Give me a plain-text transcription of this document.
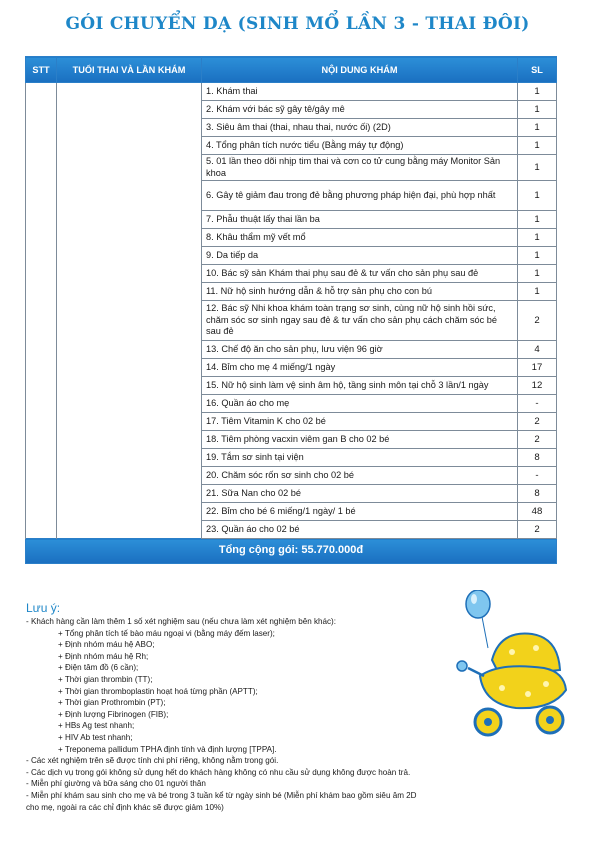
GÓI CHUYỂN DẠ (SINH MỔ LẦN 3 - THAI ĐÔI)
STT	TUỔI THAI VÀ LẦN KHÁM	NỘI DUNG KHÁM	SL
		1. Khám thai	1
		2. Khám với bác sỹ gây tê/gây mê	1
		3. Siêu âm thai (thai, nhau thai, nước ối) (2D)	1
		4. Tổng phân tích nước tiểu (Bằng máy tự động)	1
		5. 01 lần theo dõi nhịp tim thai và cơn co tử cung bằng máy Monitor Sản khoa	1
		6. Gây tê giảm đau trong đẻ bằng phương pháp hiện đại, phù hợp nhất	1
		7. Phẫu thuật lấy thai lần ba	1
		8. Khâu thẩm mỹ vết mổ	1
		9. Da tiếp da	1
		10. Bác sỹ sản Khám thai phụ sau đẻ & tư vấn cho sản phụ sau đẻ	1
		11. Nữ hộ sinh hướng dẫn & hỗ trợ sản phụ cho con bú	1
		12. Bác sỹ Nhi khoa khám toàn trạng sơ sinh, cùng nữ hộ sinh hồi sức, chăm sóc sơ sinh ngay sau đẻ & tư vấn cho sản phụ cách chăm sóc bé sau đẻ	2
		13. Chế độ ăn cho sản phụ, lưu viện 96 giờ	4
		14. Bỉm cho mẹ 4 miếng/1 ngày	17
		15. Nữ hộ sinh làm vệ sinh âm hộ, tầng sinh môn tại chỗ 3 lần/1 ngày	12
		16. Quần áo cho mẹ	-
		17. Tiêm Vitamin K cho 02 bé	2
		18. Tiêm phòng vacxin viêm gan B cho 02 bé	2
		19. Tắm sơ sinh tại viện	8
		20. Chăm sóc rốn sơ sinh cho 02 bé	-
		21. Sữa Nan cho 02 bé	8
		22. Bỉm cho bé 6 miếng/1 ngày/ 1 bé	48
		23. Quần áo cho 02 bé	2
Tổng cộng gói: 55.770.000đ			
Lưu ý:

- Khách hàng cần làm thêm 1 số xét nghiệm sau (nếu chưa làm xét nghiệm bên khác):

+ Tổng phân tích tế bào máu ngoại vi (bằng máy đếm laser);

+ Định nhóm máu hệ ABO;

+ Định nhóm máu hệ Rh;

+ Điện tâm đồ (6 cần);

+ Thời gian thrombin (TT);

+ Thời gian thromboplastin hoạt hoá từng phần (APTT);

+ Thời gian Prothrombin (PT);

+ Định lượng Fibrinogen (FIB);

+ HBs Ag test nhanh;

+ HIV Ab test nhanh;

+ Treponema pallidum TPHA định tính và định lượng [TPPA].

- Các xét nghiệm trên sẽ được tính chi phí riêng, không nằm trong gói.

- Các dịch vụ trong gói không sử dụng hết do khách hàng không có nhu cầu sử dụng không được hoàn trả.

- Miễn phí giường và bữa sáng cho 01 người thân

- Miễn phí khám sau sinh cho mẹ và bé trong 3 tuần kể từ ngày sinh bé (Miễn phí khám bao gồm siêu âm 2D cho mẹ, ngoài ra các chỉ định khác sẽ được giảm 10%)
